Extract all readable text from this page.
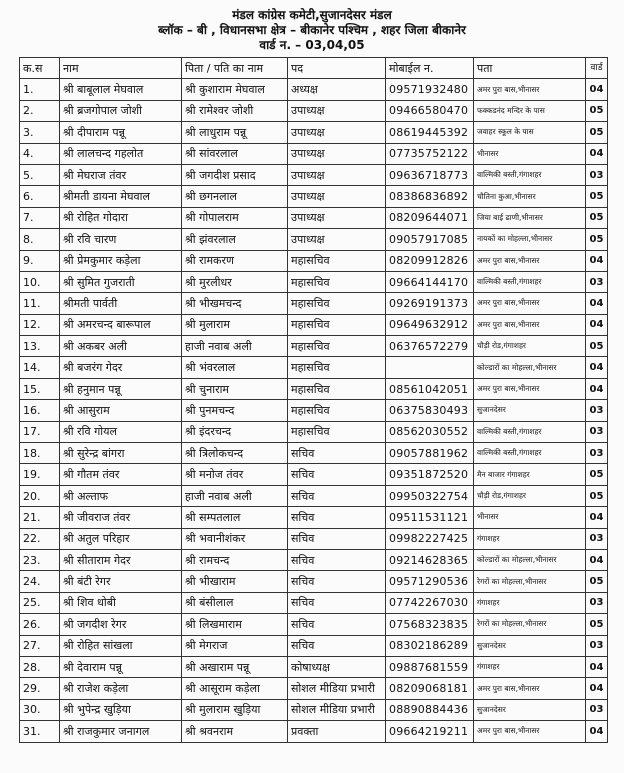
मंडल कांग्रेस कमेटी,सुजानदेसर मंडल
ब्लॉक – बी , विधानसभा क्षेत्र – बीकानेर पश्चिम , शहर जिला बीकानेर
वार्ड न. – 03,04,05
क.स	नाम	पिता / पति का नाम	पद	मोबाईल न.	पता	वार्ड
1.	श्री बाबूलाल मेघवाल	श्री कुशाराम मेघवाल	अध्यक्ष	09571932480	अमर पुरा बास,भीनासर	04
2.	श्री ब्रजगोपाल जोशी	श्री रामेश्वर जोशी	उपाध्यक्ष	09466580470	फक्कडनंद मन्दिर के पास	05
3.	श्री दीपाराम पन्नू	श्री लाधुराम पन्नू	उपाध्यक्ष	08619445392	जवाहर स्कूल के पास	05
4.	श्री लालचन्द गहलोत	श्री सांवरलाल	उपाध्यक्ष	07735752122	भीनासर	04
5.	श्री मेघराज तंवर	श्री जगदीश प्रसाद	उपाध्यक्ष	09636718773	वाल्मिकी बस्ती,गंगाशहर	03
6.	श्रीमती डायना मेघवाल	श्री छगनलाल	उपाध्यक्ष	08386836892	चौतिना कुआ,भीनासर	05
7.	श्री रोहित गोदारा	श्री गोपालराम	उपाध्यक्ष	08209644071	जिया बाई ढाणी,भीनासर	05
8.	श्री रवि चारण	श्री झंवरलाल	उपाध्यक्ष	09057917085	नायकों का मोहल्ला,भीनासर	05
9.	श्री प्रेमकुमार कड़ेला	श्री रामकरण	महासचिव	08209912826	अमर पुरा बास,भीनासर	04
10.	श्री सुमित गुजराती	श्री मुरलीधर	महासचिव	09664144170	वाल्मिकी बस्ती,गंगाशहर	03
11.	श्रीमती पार्वती	श्री भीखमचन्द	महासचिव	09269191373	अमर पुरा बास,भीनासर	04
12.	श्री अमरचन्द बारूपाल	श्री मुलाराम	महासचिव	09649632912	अमर पुरा बास,भीनासर	04
13.	श्री अकबर अली	हाजी नवाब अली	महासचिव	06376572279	चौड़ी रोड,गंगाशहर	05
14.	श्री बजरंग गेदर	श्री भंवरलाल	महासचिव		कोल्डारों का मोहल्ला,भीनासर	04
15.	श्री हनुमान पन्नू	श्री चुनाराम	महासचिव	08561042051	अमर पुरा बास,भीनासर	04
16.	श्री आसुराम	श्री पुनमचन्द	महासचिव	06375830493	सुजानदेसर	03
17.	श्री रवि गोयल	श्री इंदरचन्द	महासचिव	08562030552	वाल्मिकी बस्ती,गंगाशहर	03
18.	श्री सुरेन्द्र बांगरा	श्री त्रिलोकचन्द	सचिव	09057881962	वाल्मिकी बस्ती,गंगाशहर	03
19.	श्री गौतम तंवर	श्री मनोज तंवर	सचिव	09351872520	मैन बाजार गंगाशहर	05
20.	श्री अल्ताफ	हाजी नवाब अली	सचिव	09950322754	चौड़ी रोड,गंगाशहर	05
21.	श्री जीवराज तंवर	श्री सम्पतलाल	सचिव	09511531121	भीनासर	04
22.	श्री अतुल परिहार	श्री भवानीशंकर	सचिव	09982227425	गंगाशहर	03
23.	श्री सीताराम गेदर	श्री रामचन्द	सचिव	09214628365	कोल्डारों का मोहल्ला,भीनासर	04
24.	श्री बंटी रेगर	श्री भीखाराम	सचिव	09571290536	रेगरों का मोहल्ला,भीनासर	05
25.	श्री शिव धोबी	श्री बंसीलाल	सचिव	07742267030	गंगाशहर	03
26.	श्री जगदीश रेगर	श्री लिखमाराम	सचिव	07568323835	रेगरों का मोहल्ला,भीनासर	05
27.	श्री रोहित सांखला	श्री मेगराज	सचिव	08302186289	सुजानदेसर	03
28.	श्री देवाराम पन्नू	श्री अखाराम पन्नू	कोषाध्यक्ष	09887681559	गंगाशहर	04
29.	श्री राजेश कड़ेला	श्री आसूराम कड़ेला	सोशल मीडिया प्रभारी	08209068181	अमर पुरा बास,भीनासर	04
30.	श्री भुपेन्द्र खुड़िया	श्री मुलाराम खुड़िया	सोशल मीडिया प्रभारी	08890884436	सुजानदेसर	03
31.	श्री राजकुमार जनागल	श्री श्रवनराम	प्रवक्ता	09664219211	अमर पुरा बास,भीनासर	04
